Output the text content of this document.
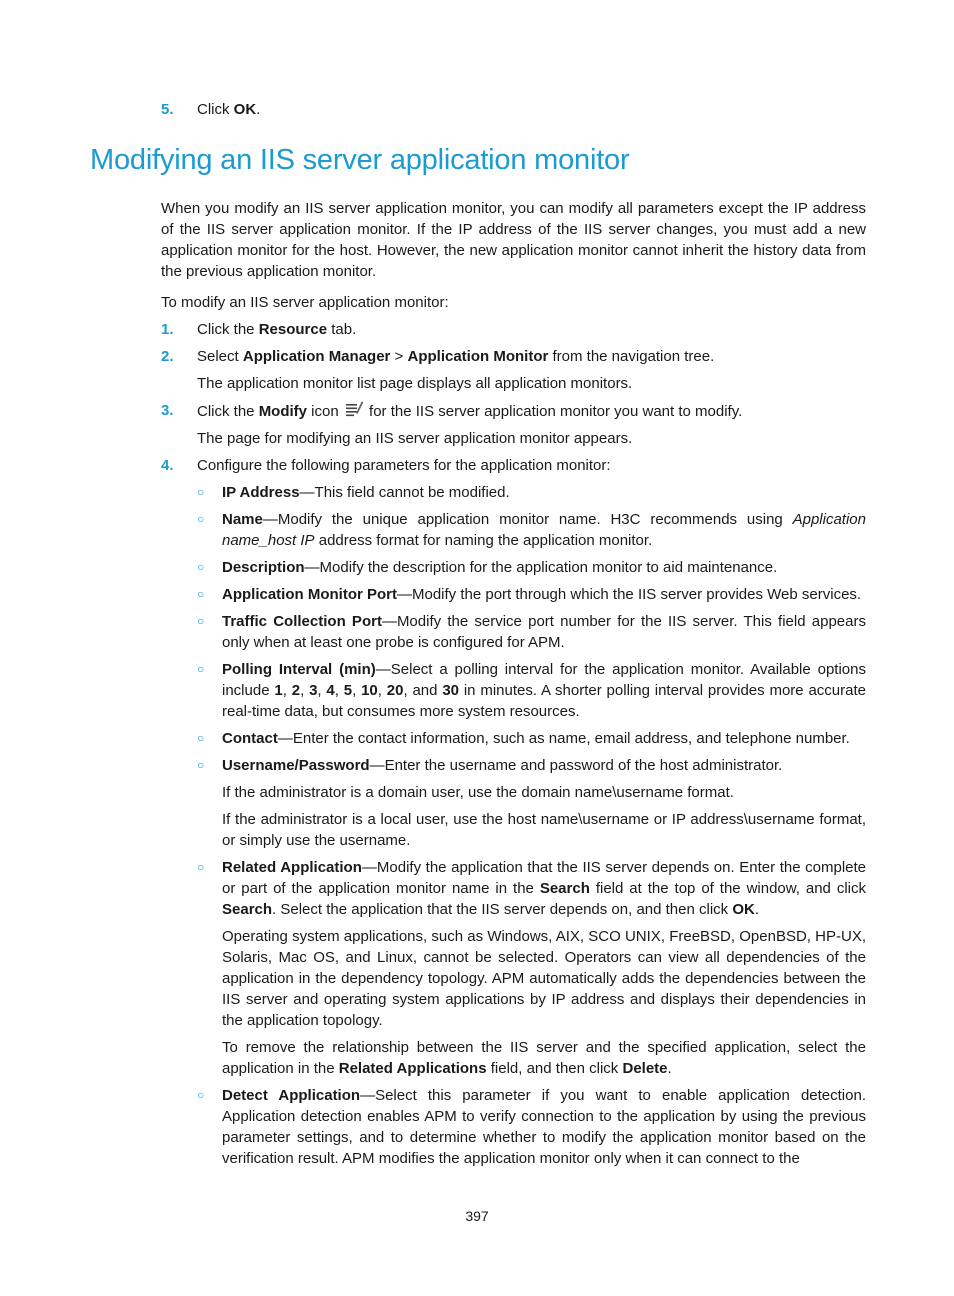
5. Click OK.
Modifying an IIS server application monitor

When you modify an IIS server application monitor, you can modify all parameters except the IP address of the IIS server application monitor. If the IP address of the IIS server changes, you must add a new application monitor for the host. However, the new application monitor cannot inherit the history data from the previous application monitor.

To modify an IIS server application monitor:

1.	Click the Resource tab.
2.	Select Application Manager > Application Monitor from the navigation tree.

The application monitor list page displays all application monitors.

3.	Click the Modify icon  for the IIS server application monitor you want to modify.

The page for modifying an IIS server application monitor appears.

4.	Configure the following parameters for the application monitor:
○	IP Address—This field cannot be modified.
○	Name—Modify the unique application monitor name. H3C recommends using Application name_host IP address format for naming the application monitor.
○	Description—Modify the description for the application monitor to aid maintenance.
○	Application Monitor Port—Modify the port through which the IIS server provides Web services.
○	Traffic Collection Port—Modify the service port number for the IIS server. This field appears only when at least one probe is configured for APM.
○	Polling Interval (min)—Select a polling interval for the application monitor. Available options include 1, 2, 3, 4, 5, 10, 20, and 30 in minutes. A shorter polling interval provides more accurate real-time data, but consumes more system resources.
○	Contact—Enter the contact information, such as name, email address, and telephone number.
○	Username/Password—Enter the username and password of the host administrator.

If the administrator is a domain user, use the domain name\username format.

If the administrator is a local user, use the host name\username or IP address\username format, or simply use the username.

○	Related Application—Modify the application that the IIS server depends on. Enter the complete or part of the application monitor name in the Search field at the top of the window, and click Search. Select the application that the IIS server depends on, and then click OK.

Operating system applications, such as Windows, AIX, SCO UNIX, FreeBSD, OpenBSD, HP-UX, Solaris, Mac OS, and Linux, cannot be selected. Operators can view all dependencies of the application in the dependency topology. APM automatically adds the dependencies between the IIS server and operating system applications by IP address and displays their dependencies in the application topology.

To remove the relationship between the IIS server and the specified application, select the application in the Related Applications field, and then click Delete.

○	Detect Application—Select this parameter if you want to enable application detection. Application detection enables APM to verify connection to the application by using the previous parameter settings, and to determine whether to modify the application monitor based on the verification result. APM modifies the application monitor only when it can connect to the
397
